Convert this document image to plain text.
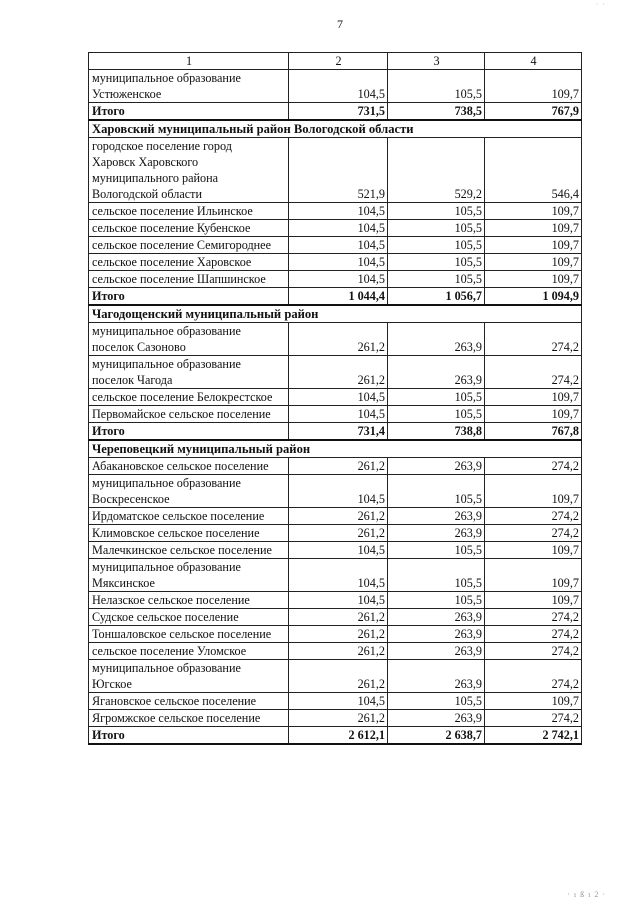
7
· ·
1	2	3	4
муниципальное образование
Устюженское	104,5	105,5	109,7
Итого	731,5	738,5	767,9
Харовский муниципальный район Вологодской области			
городское поселение город
Харовск Харовского
муниципального района
Вологодской области	521,9	529,2	546,4
сельское поселение Ильинское	104,5	105,5	109,7
сельское поселение Кубенское	104,5	105,5	109,7
сельское поселение Семигороднее	104,5	105,5	109,7
сельское поселение Харовское	104,5	105,5	109,7
сельское поселение Шапшинское	104,5	105,5	109,7
Итого	1 044,4	1 056,7	1 094,9
Чагодощенский муниципальный район			
муниципальное образование
поселок Сазоново	261,2	263,9	274,2
муниципальное образование
поселок Чагода	261,2	263,9	274,2
сельское поселение Белокрестское	104,5	105,5	109,7
Первомайское сельское поселение	104,5	105,5	109,7
Итого	731,4	738,8	767,8
Череповецкий муниципальный район			
Абакановское сельское поселение	261,2	263,9	274,2
муниципальное образование
Воскресенское	104,5	105,5	109,7
Ирдоматское сельское поселение	261,2	263,9	274,2
Климовское сельское поселение	261,2	263,9	274,2
Малечкинское сельское поселение	104,5	105,5	109,7
муниципальное образование
Мяксинское	104,5	105,5	109,7
Нелазское сельское поселение	104,5	105,5	109,7
Судское сельское поселение	261,2	263,9	274,2
Тоншаловское сельское поселение	261,2	263,9	274,2
сельское поселение Уломское	261,2	263,9	274,2
муниципальное образование
Югское	261,2	263,9	274,2
Ягановское сельское поселение	104,5	105,5	109,7
Ягромжское сельское поселение	261,2	263,9	274,2
Итого	2 612,1	2 638,7	2 742,1
· ı ß ı 2 ·
